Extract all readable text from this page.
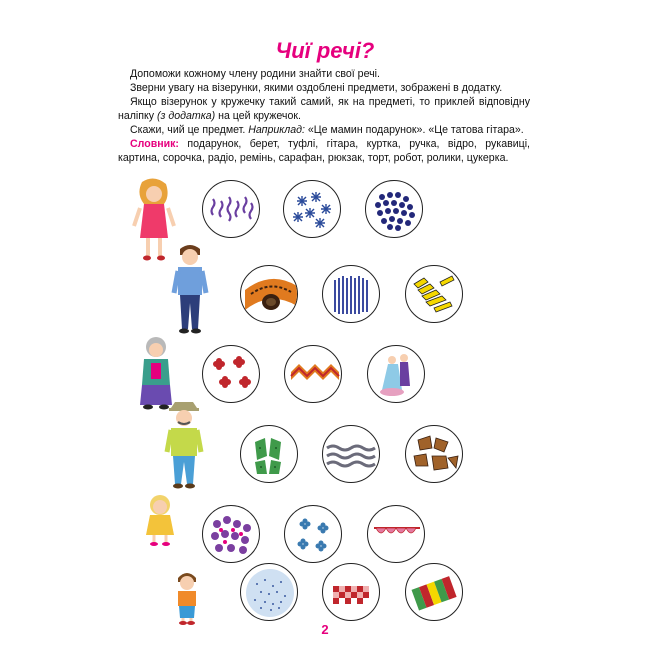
Чиї речі?

Допоможи кожному члену родини знайти свої речі.

Зверни увагу на візерунки, якими оздоблені предмети, зображені в додатку.

Якщо візерунок у кружечку такий самий, як на предметі, то приклей відповідну наліпку (з додатка) на цей кружечок.

Скажи, чий це предмет. Наприклад: «Це мамин подарунок». «Це татова гітара».

Словник: подарунок, берет, туфлі, гітара, куртка, ручка, відро, рукавиці, картина, сорочка, радіо, ремінь, сарафан, рюкзак, торт, робот, ролики, цукерка.

2
